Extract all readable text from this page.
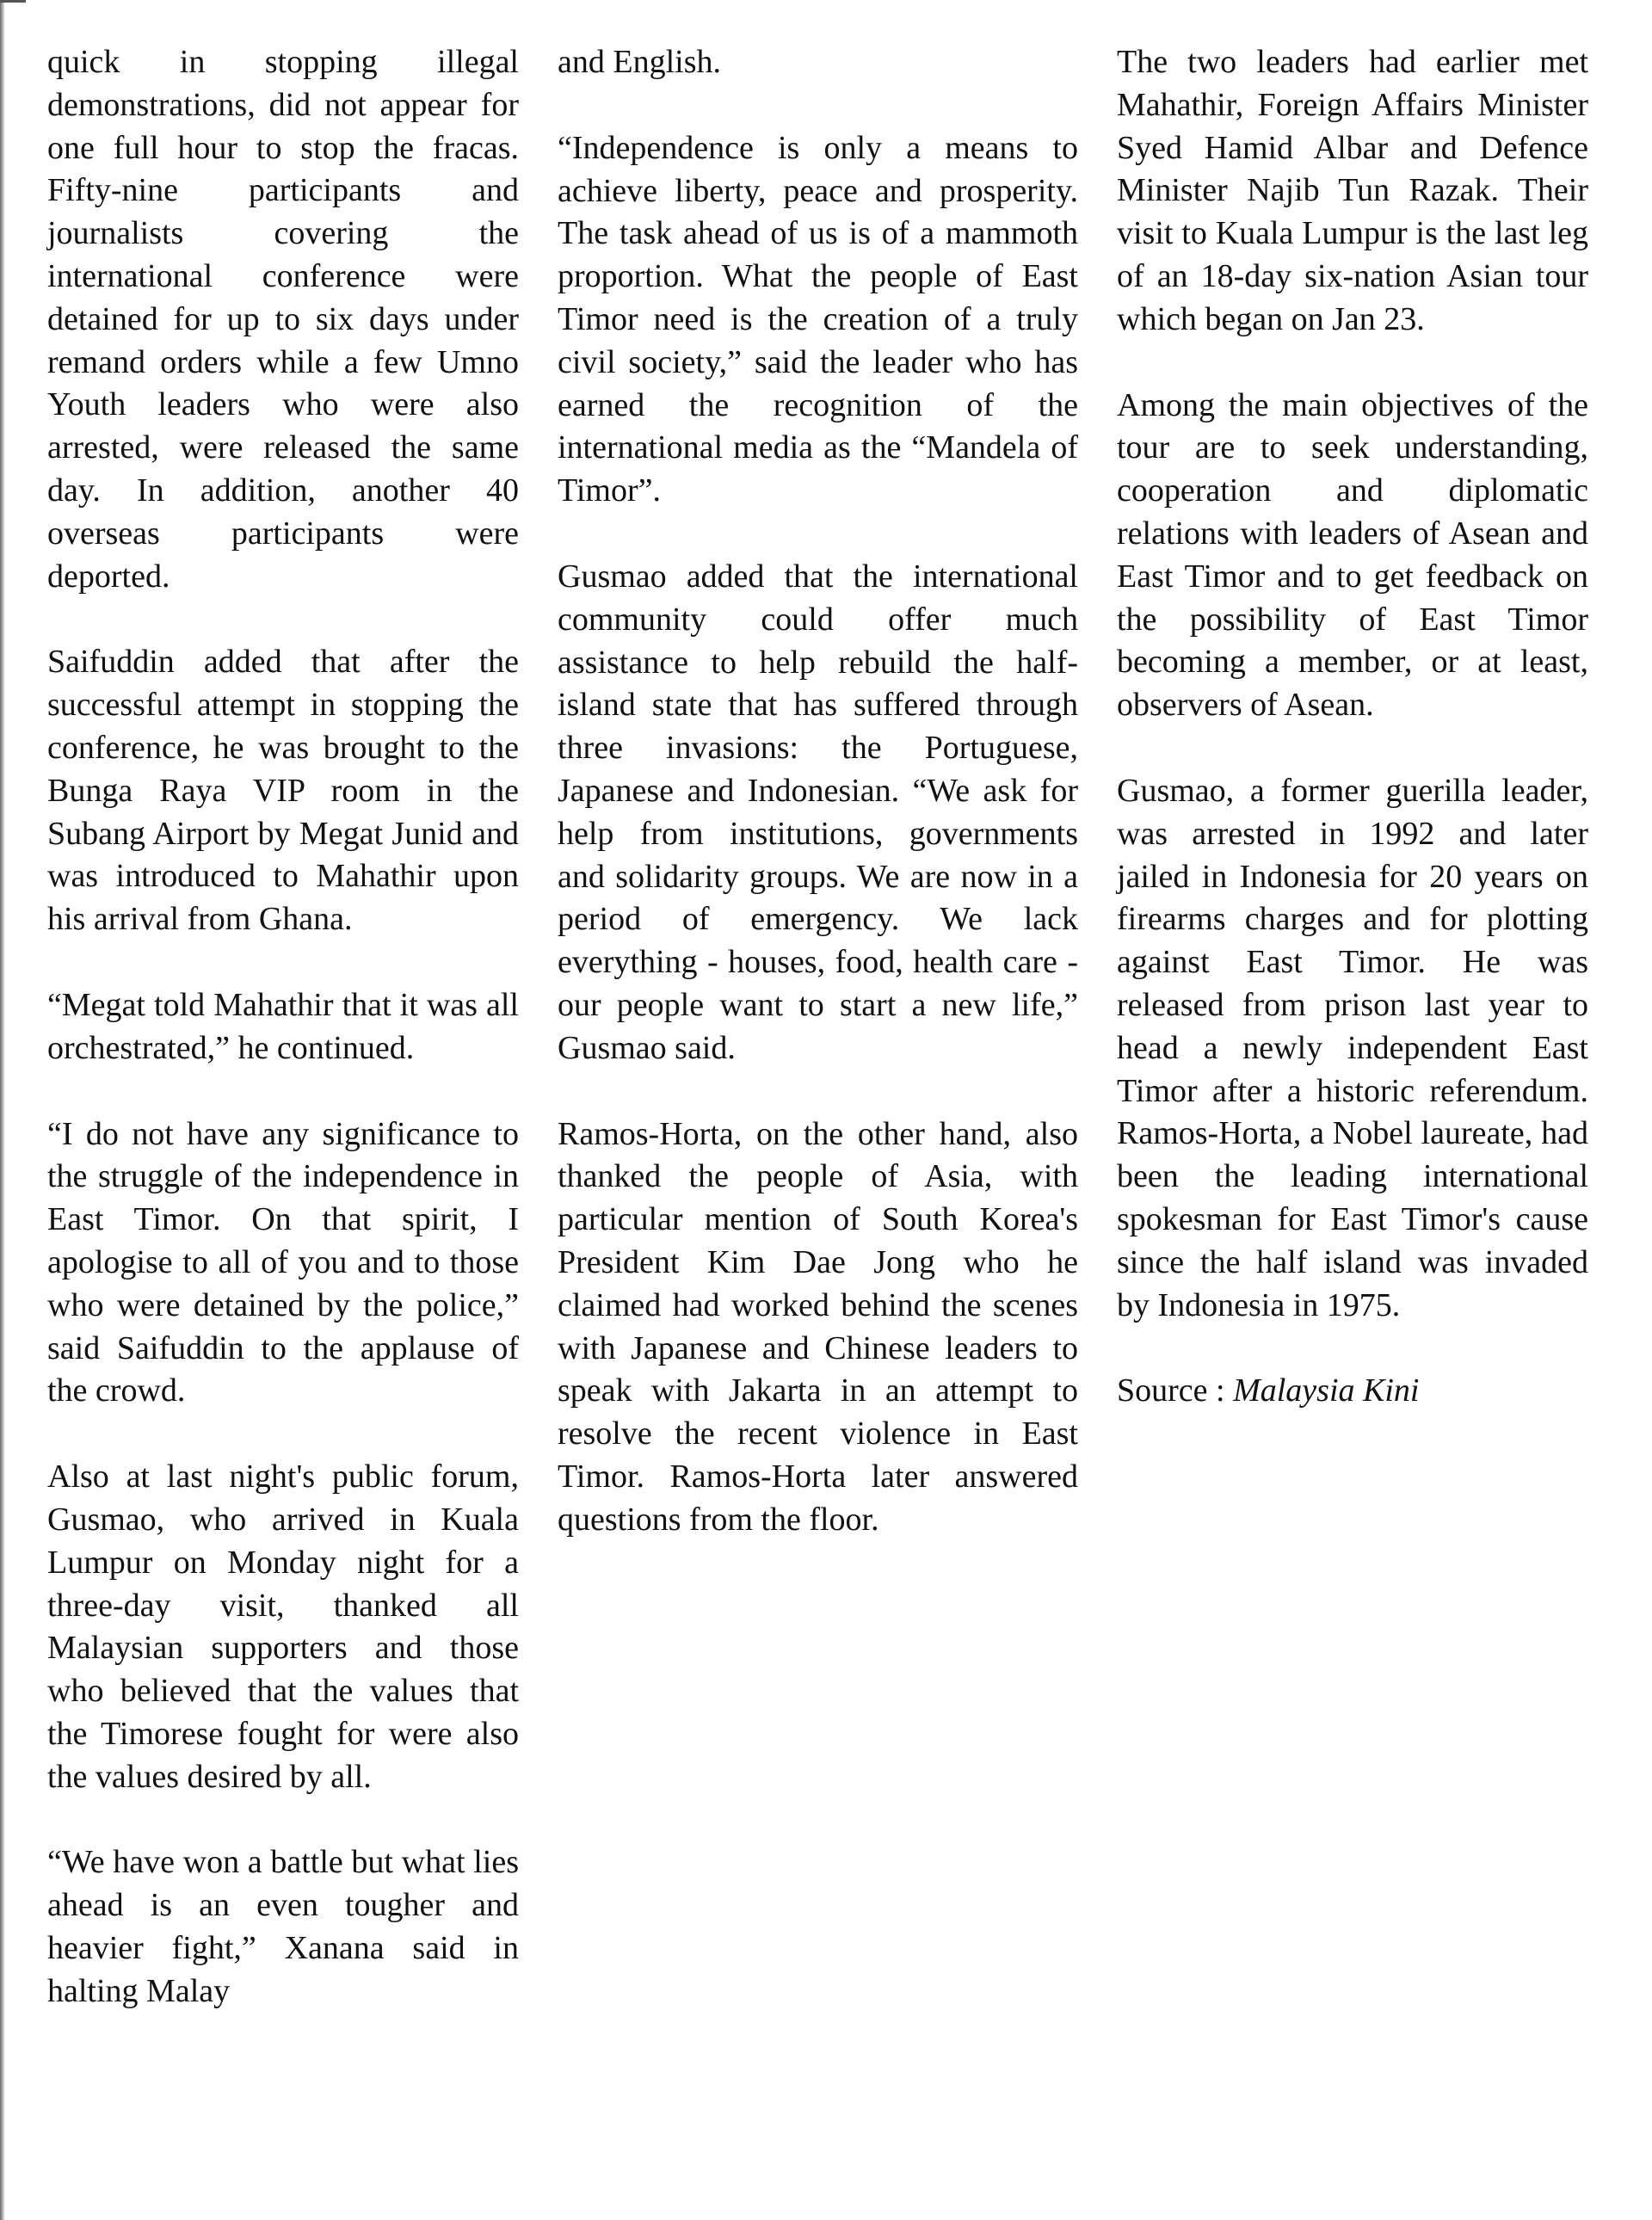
quick in stopping illegal demonstrations, did not appear for one full hour to stop the fracas. Fifty-nine participants and journalists covering the international conference were detained for up to six days under remand orders while a few Umno Youth leaders who were also arrested, were released the same day. In addition, another 40 overseas participants were deported.

Saifuddin added that after the successful attempt in stopping the conference, he was brought to the Bunga Raya VIP room in the Subang Airport by Megat Junid and was introduced to Mahathir upon his arrival from Ghana.

“Megat told Mahathir that it was all orchestrated,” he continued.

“I do not have any significance to the struggle of the independence in East Timor. On that spirit, I apologise to all of you and to those who were detained by the police,” said Saifuddin to the applause of the crowd.

Also at last night's public forum, Gusmao, who arrived in Kuala Lumpur on Monday night for a three-day visit, thanked all Malaysian supporters and those who believed that the values that the Timorese fought for were also the values desired by all.

“We have won a battle but what lies ahead is an even tougher and heavier fight,” Xanana said in halting Malay

and English.

“Independence is only a means to achieve liberty, peace and prosperity. The task ahead of us is of a mammoth proportion. What the people of East Timor need is the creation of a truly civil society,” said the leader who has earned the recognition of the international media as the “Mandela of Timor”.

Gusmao added that the international community could offer much assistance to help rebuild the half-island state that has suffered through three invasions: the Portuguese, Japanese and Indonesian. “We ask for help from institutions, governments and solidarity groups. We are now in a period of emergency. We lack everything - houses, food, health care - our people want to start a new life,” Gusmao said.

Ramos-Horta, on the other hand, also thanked the people of Asia, with particular mention of South Korea's President Kim Dae Jong who he claimed had worked behind the scenes with Japanese and Chinese leaders to speak with Jakarta in an attempt to resolve the recent violence in East Timor. Ramos-Horta later answered questions from the floor.

The two leaders had earlier met Mahathir, Foreign Affairs Minister Syed Hamid Albar and Defence Minister Najib Tun Razak. Their visit to Kuala Lumpur is the last leg of an 18-day six-nation Asian tour which began on Jan 23.

Among the main objectives of the tour are to seek understanding, cooperation and diplomatic relations with leaders of Asean and East Timor and to get feedback on the possibility of East Timor becoming a member, or at least, observers of Asean.

Gusmao, a former guerilla leader, was arrested in 1992 and later jailed in Indonesia for 20 years on firearms charges and for plotting against East Timor. He was released from prison last year to head a newly independent East Timor after a historic referendum. Ramos-Horta, a Nobel laureate, had been the leading international spokesman for East Timor's cause since the half island was invaded by Indonesia in 1975.

Source : Malaysia Kini
